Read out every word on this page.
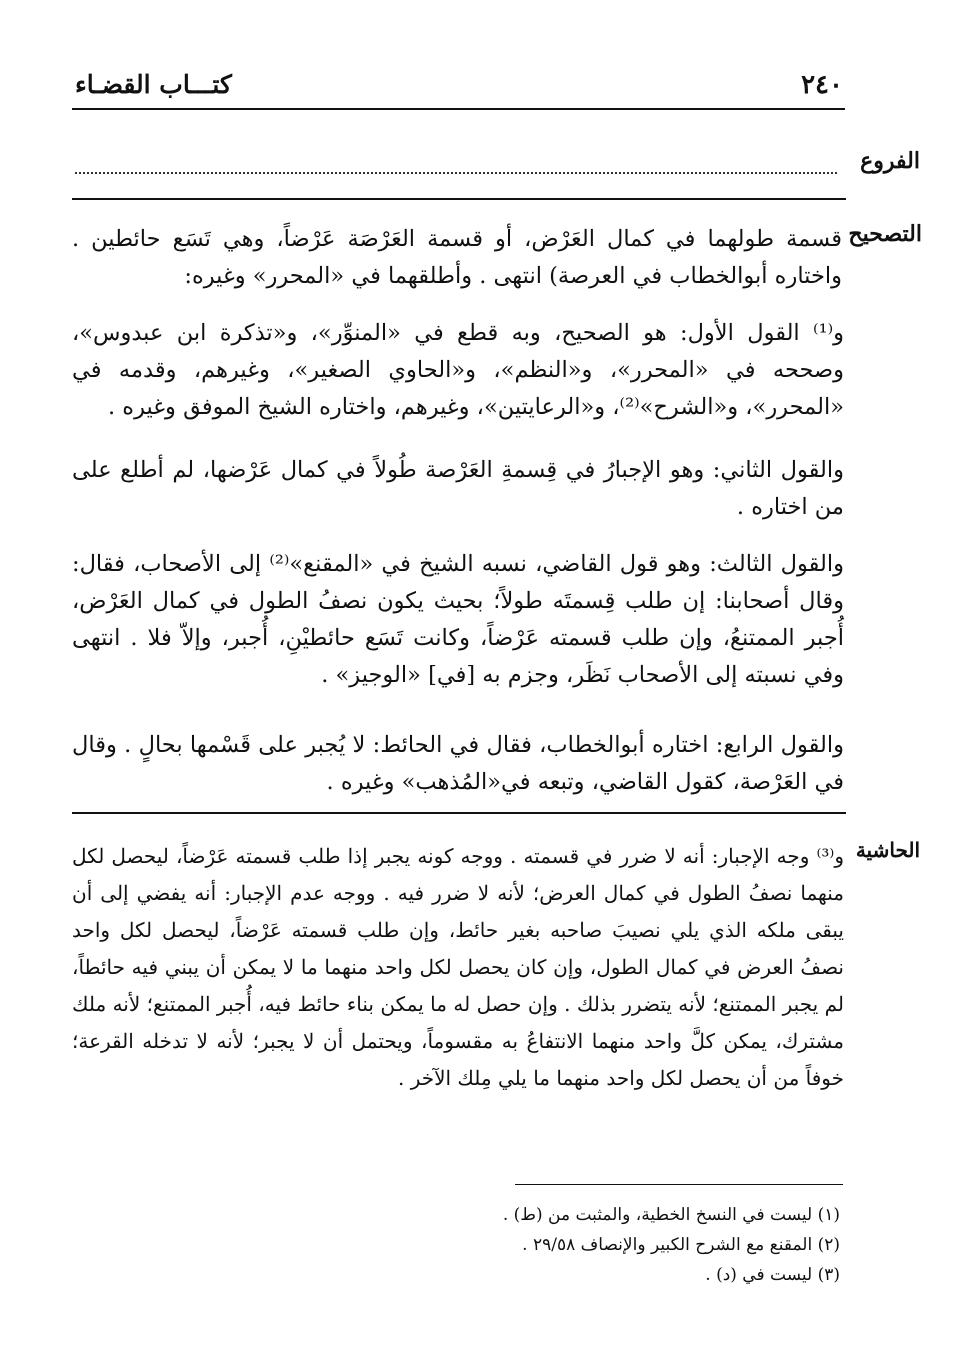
كتـــاب القضـاء	٢٤٠
الفروع
التصحيح
قسمة طولهما في كمال العَرْض، أو قسمة العَرْصَة عَرْضاً، وهي تَسَع حائطين . واختاره أبوالخطاب في العرصة) انتهى . وأطلقهما في «المحرر» وغيره:
و⁽¹⁾ القول الأول: هو الصحيح، وبه قطع في «المنوِّر»، و«تذكرة ابن عبدوس»، وصححه في «المحرر»، و«النظم»، و«الحاوي الصغير»، وغيرهم، وقدمه في «المحرر»، و«الشرح»⁽²⁾، و«الرعايتين»، وغيرهم، واختاره الشيخ الموفق وغيره .
والقول الثاني: وهو الإجبارُ في قِسمةِ العَرْصة طُولاً في كمال عَرْضها، لم أطلع على من اختاره .
والقول الثالث: وهو قول القاضي، نسبه الشيخ في «المقنع»⁽²⁾ إلى الأصحاب، فقال: وقال أصحابنا: إن طلب قِسمتَه طولاً؛ بحيث يكون نصفُ الطول في كمال العَرْض، أُجبر الممتنعُ، وإن طلب قسمته عَرْضاً، وكانت تَسَع حائطيْنِ، أُجبر، وإلاّ فلا . انتهى وفي نسبته إلى الأصحاب نَظَر، وجزم به [في] «الوجيز» .
والقول الرابع: اختاره أبوالخطاب، فقال في الحائط: لا يُجبر على قَسْمها بحالٍ . وقال في العَرْصة، كقول القاضي، وتبعه في«المُذهب» وغيره .
الحاشية
و⁽³⁾ وجه الإجبار: أنه لا ضرر في قسمته . ووجه كونه يجبر إذا طلب قسمته عَرْضاً، ليحصل لكل منهما نصفُ الطول في كمال العرض؛ لأنه لا ضرر فيه . ووجه عدم الإجبار: أنه يفضي إلى أن يبقى ملكه الذي يلي نصيبَ صاحبه بغير حائط، وإن طلب قسمته عَرْضاً، ليحصل لكل واحد نصفُ العرض في كمال الطول، وإن كان يحصل لكل واحد منهما ما لا يمكن أن يبني فيه حائطاً، لم يجبر الممتنع؛ لأنه يتضرر بذلك . وإن حصل له ما يمكن بناء حائط فيه، أُجبر الممتنع؛ لأنه ملك مشترك، يمكن كلَّ واحد منهما الانتفاعُ به مقسوماً، ويحتمل أن لا يجبر؛ لأنه لا تدخله القرعة؛ خوفاً من أن يحصل لكل واحد منهما ما يلي مِلك الآخر .
(١) ليست في النسخ الخطية، والمثبت من (ط) .
(٢) المقنع مع الشرح الكبير والإنصاف ٢٩/٥٨ .
(٣) ليست في (د) .
